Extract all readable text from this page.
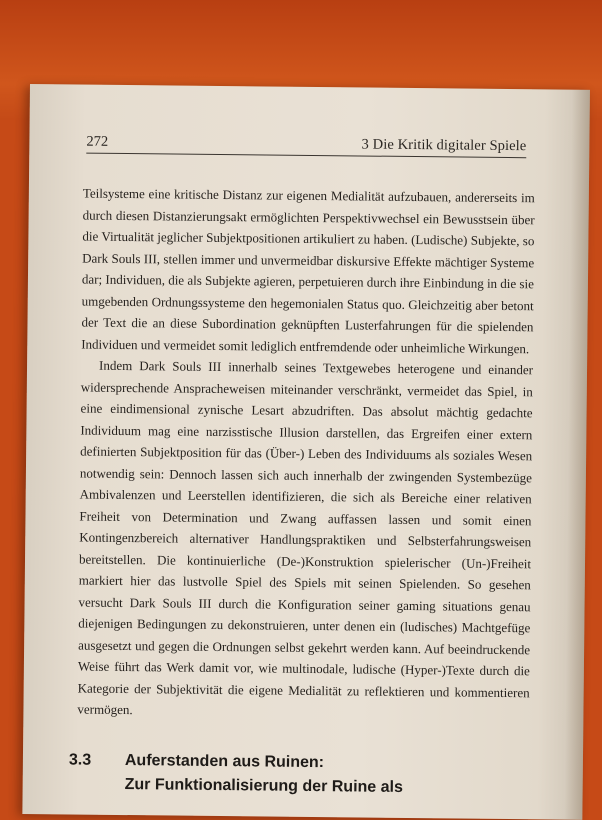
272	3 Die Kritik digitaler Spiele

Teilsysteme eine kritische Distanz zur eigenen Medialität aufzubauen, andererseits im durch diesen Distanzierungsakt ermöglichten Perspektivwechsel ein Bewusstsein über die Virtualität jeglicher Subjektpositionen artikuliert zu haben. (Ludische) Subjekte, so Dark Souls III, stellen immer und unvermeidbar diskursive Effekte mächtiger Systeme dar; Individuen, die als Subjekte agieren, perpetuieren durch ihre Einbindung in die sie umgebenden Ordnungssysteme den hegemonialen Status quo. Gleichzeitig aber betont der Text die an diese Subordination geknüpften Lusterfahrungen für die spielenden Individuen und vermeidet somit lediglich entfremdende oder unheimliche Wirkungen.

Indem Dark Souls III innerhalb seines Textgewebes heterogene und einander widersprechende Anspracheweisen miteinander verschränkt, vermeidet das Spiel, in eine eindimensional zynische Lesart abzudriften. Das absolut mächtig gedachte Individuum mag eine narzisstische Illusion darstellen, das Ergreifen einer extern definierten Subjektposition für das (Über-) Leben des Individuums als soziales Wesen notwendig sein: Dennoch lassen sich auch innerhalb der zwingenden Systembezüge Ambivalenzen und Leerstellen identifizieren, die sich als Bereiche einer relativen Freiheit von Determination und Zwang auffassen lassen und somit einen Kontingenzbereich alternativer Handlungspraktiken und Selbsterfahrungsweisen bereitstellen. Die kontinuierliche (De-)Konstruktion spielerischer (Un-)Freiheit markiert hier das lustvolle Spiel des Spiels mit seinen Spielenden. So gesehen versucht Dark Souls III durch die Konfiguration seiner gaming situations genau diejenigen Bedingungen zu dekonstruieren, unter denen ein (ludisches) Machtgefüge ausgesetzt und gegen die Ordnungen selbst gekehrt werden kann. Auf beeindruckende Weise führt das Werk damit vor, wie multinodale, ludische (Hyper-)Texte durch die Kategorie der Subjektivität die eigene Medialität zu reflektieren und kommentieren vermögen.

3.3 Auferstanden aus Ruinen:
Zur Funktionalisierung der Ruine als
